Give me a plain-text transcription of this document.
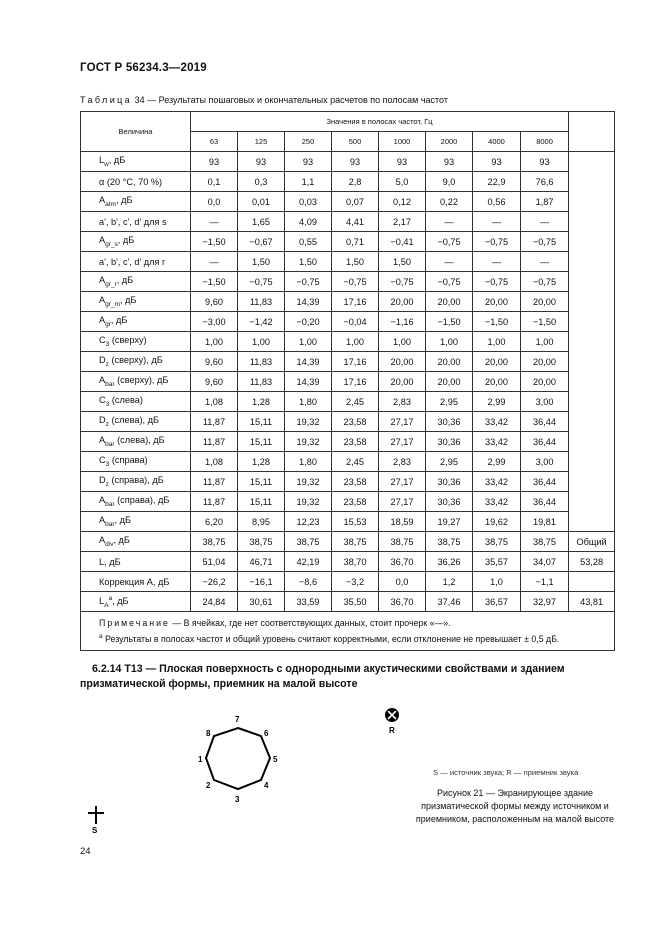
ГОСТ Р 56234.3—2019
Таблица 34 — Результаты пошаговых и окончательных расчетов по полосам частот
Величина	Значения в полосах частот, Гц								
	63	125	250	500	1000	2000	4000	8000	
$L_w$, дБ	93	93	93	93	93	93	93	93	
α (20 °С, 70 %)	0,1	0,3	1,1	2,8	5,0	9,0	22,9	76,6	
$A_{atm}$, дБ	0,0	0,01	0,03	0,07	0,12	0,22	0,56	1,87	
a', b', c', d' для s	—	1,65	4,09	4,41	2,17	—	—	—	
$A_{gr\_s}$, дБ	−1,50	−0,67	0,55	0,71	−0,41	−0,75	−0,75	−0,75	
a', b', c', d' для r	—	1,50	1,50	1,50	1,50	—	—	—	
$A_{gr\_r}$, дБ	−1,50	−0,75	−0,75	−0,75	−0,75	−0,75	−0,75	−0,75	
$A_{gr\_m}$, дБ	9,60	11,83	14,39	17,16	20,00	20,00	20,00	20,00	
$A_{gr}$, дБ	−3,00	−1,42	−0,20	−0,04	−1,16	−1,50	−1,50	−1,50	
$C_3$ (сверху)	1,00	1,00	1,00	1,00	1,00	1,00	1,00	1,00	
$D_z$ (сверху), дБ	9,60	11,83	14,39	17,16	20,00	20,00	20,00	20,00	
$A_{bar}$ (сверху), дБ	9,60	11,83	14,39	17,16	20,00	20,00	20,00	20,00	
$C_3$ (слева)	1,08	1,28	1,80	2,45	2,83	2,95	2,99	3,00	
$D_z$ (слева), дБ	11,87	15,11	19,32	23,58	27,17	30,36	33,42	36,44	
$A_{bar}$ (слева), дБ	11,87	15,11	19,32	23,58	27,17	30,36	33,42	36,44	
$C_3$ (справа)	1,08	1,28	1,80	2,45	2,83	2,95	2,99	3,00	
$D_z$ (справа), дБ	11,87	15,11	19,32	23,58	27,17	30,36	33,42	36,44	
$A_{bar}$ (справа), дБ	11,87	15,11	19,32	23,58	27,17	30,36	33,42	36,44	
$A_{bar}$, дБ	6,20	8,95	12,23	15,53	18,59	19,27	19,62	19,81	
$A_{div}$, дБ	38,75	38,75	38,75	38,75	38,75	38,75	38,75	38,75	Общий
L, дБ	51,04	46,71	42,19	38,70	36,70	36,26	35,57	34,07	53,28
Коррекция А, дБ	−26,2	−16,1	−8,6	−3,2	0,0	1,2	1,0	−1,1	
$L_A^a$, дБ	24,84	30,61	33,59	35,50	36,70	37,46	36,57	32,97	43,81

Примечание — В ячейках, где нет соответствующих данных, стоит прочерк «—».
$^a$ Результаты в полосах частот и общий уровень считают корректными, если отклонение не превышает ± 0,5 дБ.									
6.2.14 Т13 — Плоская поверхность с однородными акустическими свойствами и зданием призматической формы, приемник на малой высоте
1
2
3
4
5
6
7
8
S
R
S — источник звука; R — приемник звука
Рисунок 21 — Экранирующее здание призматической формы между источником и приемником, расположенным на малой высоте
24
